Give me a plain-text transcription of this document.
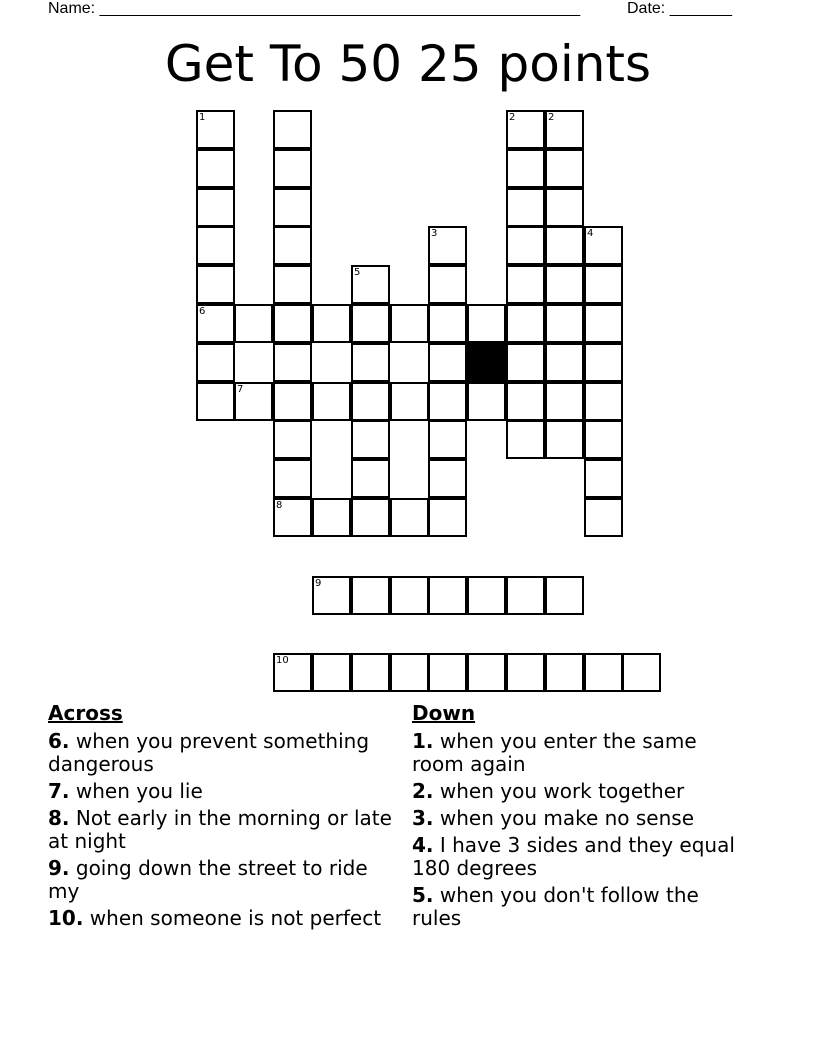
Name: ______________________________________________________	Date: _______
Get To 50 25 points
1
6
2
5
3
2
4
7
8
9
10
Across
6. when you prevent something dangerous
7. when you lie
8. Not early in the morning or late at night
9. going down the street to ride my
10. when someone is not perfect
Down
1. when you enter the same room again
2. when you work together
3. when you make no sense
4. I have 3 sides and they equal 180 degrees
5. when you don't follow the rules
